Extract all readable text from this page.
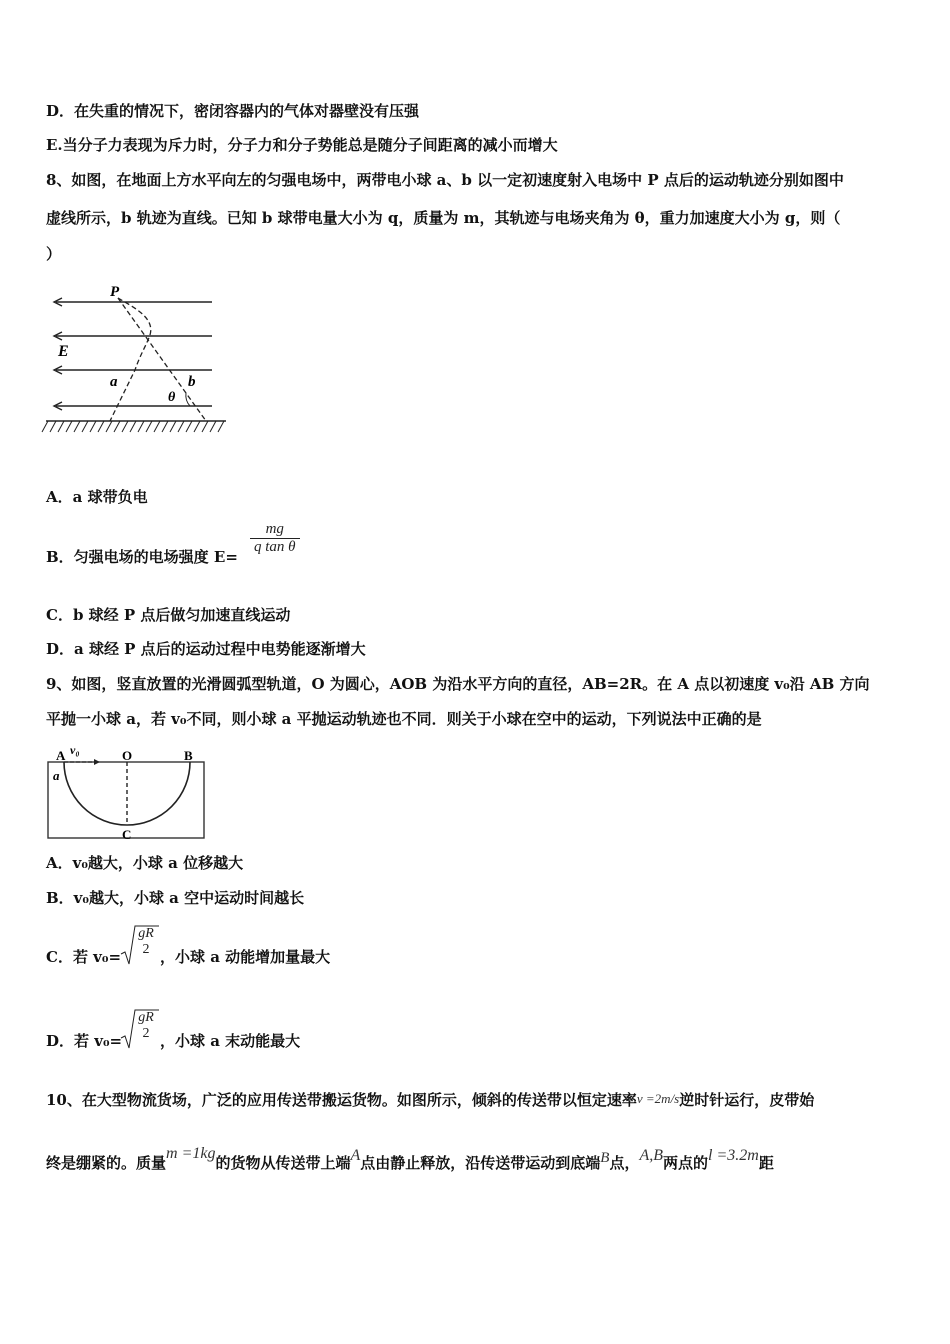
D．在失重的情况下，密闭容器内的气体对器壁没有压强
E.当分子力表现为斥力时，分子力和分子势能总是随分子间距离的减小而增大
8、如图，在地面上方水平向左的匀强电场中，两带电小球 a、b 以一定初速度射入电场中 P 点后的运动轨迹分别如图中
虚线所示，b 轨迹为直线。已知 b 球带电量大小为 q，质量为 m，其轨迹与电场夹角为 θ，重力加速度大小为 g，则（
）
P
E
a	b
θ
A．a 球带负电
B．匀强电场的电场强度 E=
$\frac{mg}{\text{q tan θ}}$
C．b 球经 P 点后做匀加速直线运动
D．a 球经 P 点后的运动过程中电势能逐渐增大
9、如图，竖直放置的光滑圆弧型轨道，O 为圆心，AOB 为沿水平方向的直径，AB=2R。在 A 点以初速度 v₀沿 AB 方向
平抛一小球 a，若 v₀不同，则小球 a 平抛运动轨迹也不同．则关于小球在空中的运动，下列说法中正确的是
A v₀	O	B
a
C
A．v₀越大，小球 a 位移越大
B．v₀越大，小球 a 空中运动时间越长
C．若 v₀=
gR
2 ，小球 a 动能增加量最大
D．若 v₀=
gR
2 ，小球 a 末动能最大
10、在大型物流货场，广泛的应用传送带搬运货物。如图所示，倾斜的传送带以恒定速率v =2m/s逆时针运行，皮带始
终是绷紧的。质量m =1kg的货物从传送带上端A点由静止释放，沿传送带运动到底端B点，A,B两点的l =3.2m距
